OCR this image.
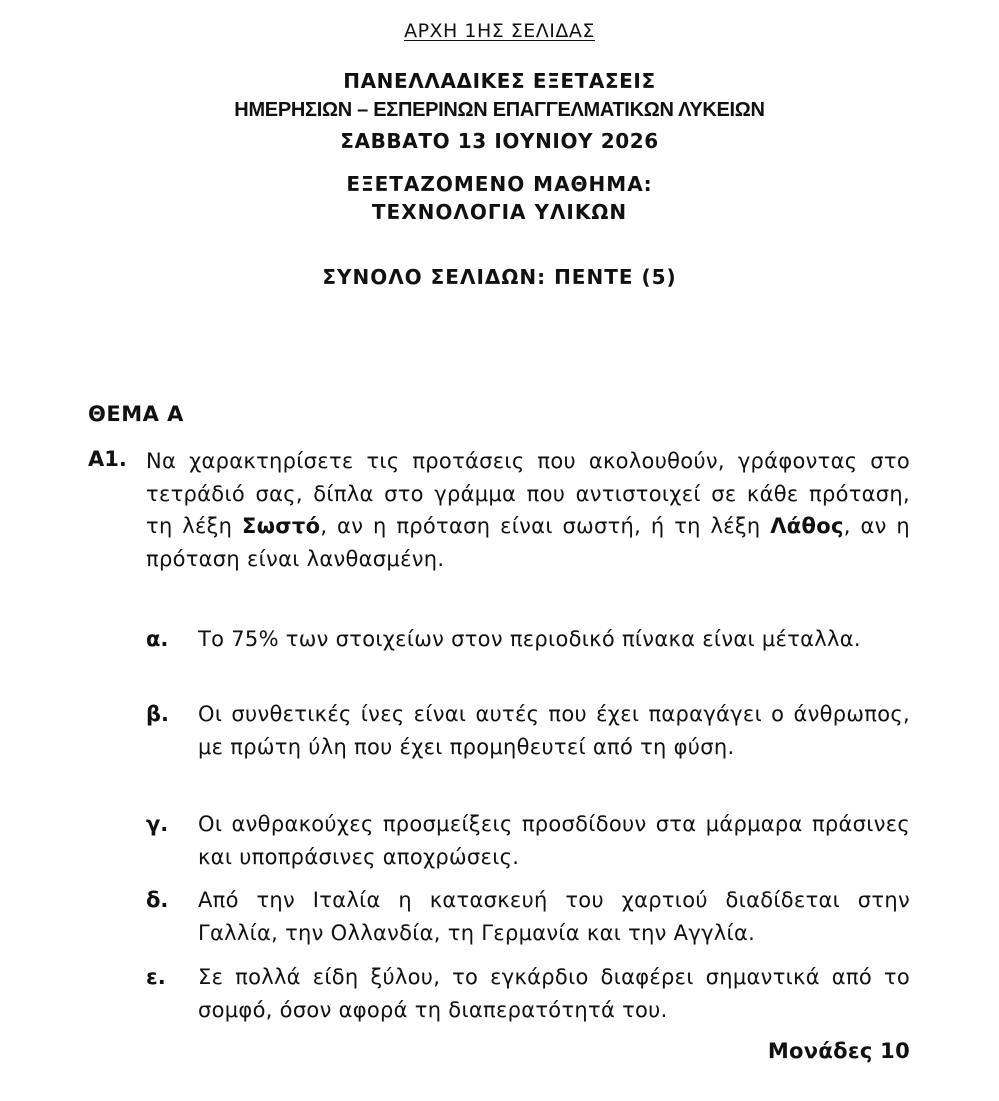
ΑΡΧΗ 1ΗΣ ΣΕΛΙΔΑΣ
ΠΑΝΕΛΛΑΔΙΚΕΣ ΕΞΕΤΑΣΕΙΣ
ΗΜΕΡΗΣΙΩΝ – ΕΣΠΕΡΙΝΩΝ ΕΠΑΓΓΕΛΜΑΤΙΚΩΝ ΛΥΚΕΙΩΝ
ΣΑΒΒΑΤΟ 13 ΙΟΥΝΙΟΥ 2026
ΕΞΕΤΑΖΟΜΕΝΟ ΜΑΘΗΜΑ:
ΤΕΧΝΟΛΟΓΙΑ ΥΛΙΚΩΝ
ΣΥΝΟΛΟ ΣΕΛΙΔΩΝ: ΠΕΝΤΕ (5)
ΘΕΜΑ Α
Α1. Να χαρακτηρίσετε τις προτάσεις που ακολουθούν, γράφοντας στο τετράδιό σας, δίπλα στο γράμμα που αντιστοιχεί σε κάθε πρόταση, τη λέξη Σωστό, αν η πρόταση είναι σωστή, ή τη λέξη Λάθος, αν η πρόταση είναι λανθασμένη.
α. Το 75% των στοιχείων στον περιοδικό πίνακα είναι μέταλλα.
β. Οι συνθετικές ίνες είναι αυτές που έχει παραγάγει ο άνθρωπος, με πρώτη ύλη που έχει προμηθευτεί από τη φύση.
γ. Οι ανθρακούχες προσμείξεις προσδίδουν στα μάρμαρα πράσινες και υποπράσινες αποχρώσεις.
δ. Από την Ιταλία η κατασκευή του χαρτιού διαδίδεται στην Γαλλία, την Ολλανδία, τη Γερμανία και την Αγγλία.
ε. Σε πολλά είδη ξύλου, το εγκάρδιο διαφέρει σημαντικά από το σομφό, όσον αφορά τη διαπερατότητά του.
Μονάδες 10
